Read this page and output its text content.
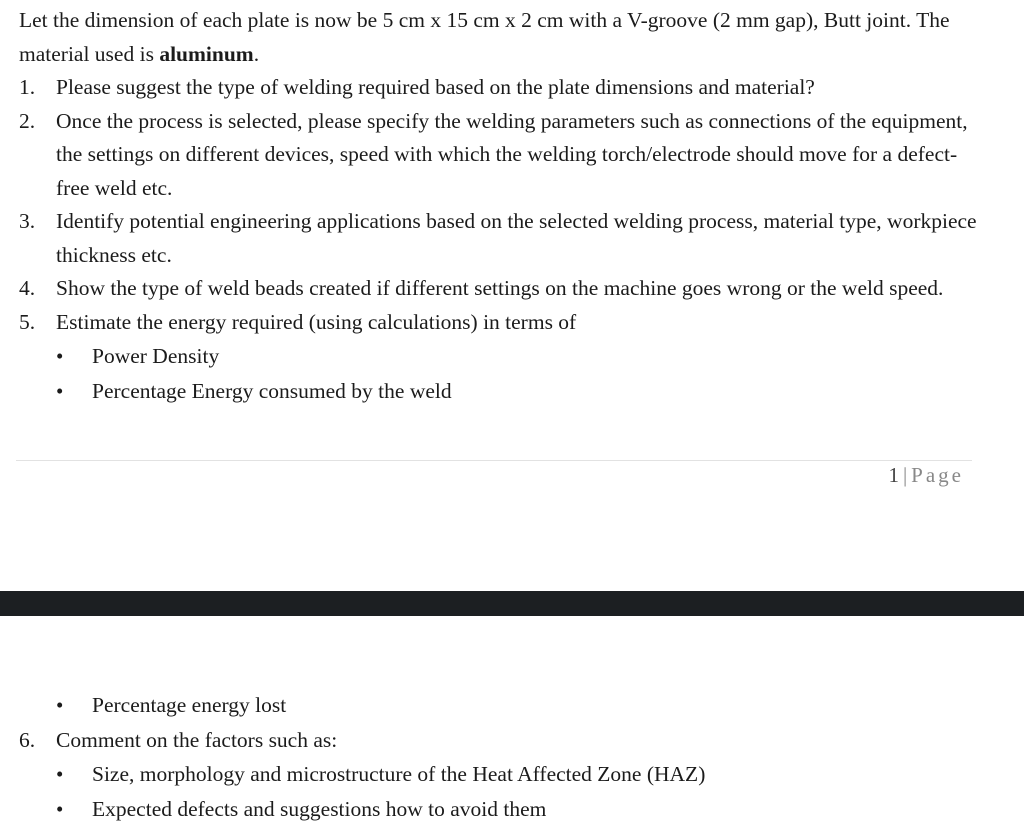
Let the dimension of each plate is now be 5 cm x 15 cm x 2 cm with a V-groove (2 mm gap), Butt joint. The material used is aluminum.

1. Please suggest the type of welding required based on the plate dimensions and material?
2. Once the process is selected, please specify the welding parameters such as connections of the equipment, the settings on different devices, speed with which the welding torch/electrode should move for a defect-free weld etc.
3. Identify potential engineering applications based on the selected welding process, material type, workpiece thickness etc.
4. Show the type of weld beads created if different settings on the machine goes wrong or the weld speed.
5. Estimate the energy required (using calculations) in terms of
• Power Density
• Percentage Energy consumed by the weld
1 | Page
• Percentage energy lost
6. Comment on the factors such as:
• Size, morphology and microstructure of the Heat Affected Zone (HAZ)
• Expected defects and suggestions how to avoid them
